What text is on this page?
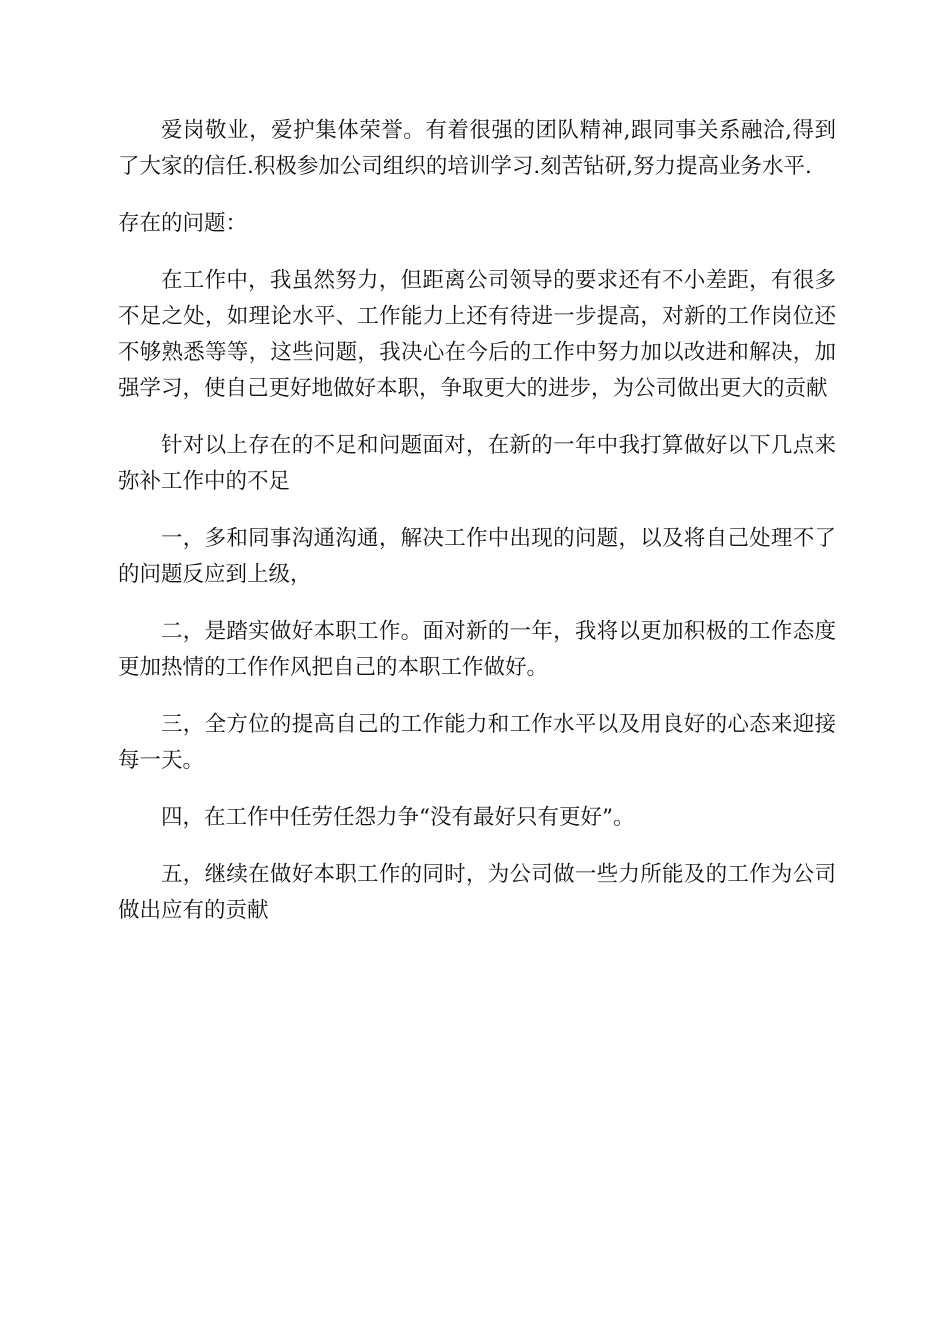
爱岗敬业，爱护集体荣誉。有着很强的团队精神,跟同事关系融洽,得到了大家的信任.积极参加公司组织的培训学习.刻苦钻研,努力提高业务水平.

存在的问题：

在工作中，我虽然努力，但距离公司领导的要求还有不小差距，有很多不足之处，如理论水平、工作能力上还有待进一步提高，对新的工作岗位还不够熟悉等等，这些问题，我决心在今后的工作中努力加以改进和解决，加强学习，使自己更好地做好本职，争取更大的进步，为公司做出更大的贡献

针对以上存在的不足和问题面对，在新的一年中我打算做好以下几点来弥补工作中的不足

一，多和同事沟通沟通，解决工作中出现的问题，以及将自己处理不了的问题反应到上级，

二，是踏实做好本职工作。面对新的一年，我将以更加积极的工作态度更加热情的工作作风把自己的本职工作做好。

三，全方位的提高自己的工作能力和工作水平以及用良好的心态来迎接每一天。

四，在工作中任劳任怨力争“没有最好只有更好”。

五，继续在做好本职工作的同时，为公司做一些力所能及的工作为公司做出应有的贡献
